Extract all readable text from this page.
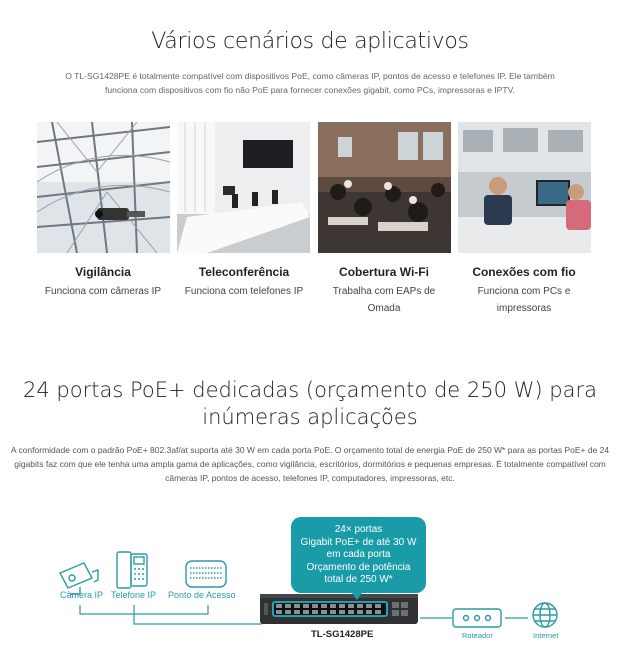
Vários cenários de aplicativos
O TL-SG1428PE é totalmente compatível com dispositivos PoE, como câmeras IP, pontos de acesso e telefones IP. Ele também
funciona com dispositivos com fio não PoE para fornecer conexões gigabit, como PCs, impressoras e IPTV.
Vigilância
Funciona com câmeras IP
Teleconferência
Funciona com telefones IP
Cobertura Wi-Fi
Trabalha com EAPs de
Omada
Conexões com fio
Funciona com PCs e
impressoras
24 portas PoE+ dedicadas (orçamento de 250 W) para
inúmeras aplicações
A conformidade com o padrão PoE+ 802.3af/at suporta até 30 W em cada porta PoE. O orçamento total de energia PoE de 250 W* para as portas PoE+ de 24
gigabits faz com que ele tenha uma ampla gama de aplicações, como vigilância, escritórios, dormitórios e pequenas empresas. É totalmente compatível com
câmeras IP, pontos de acesso, telefones IP, computadores, impressoras, etc.
24× portas
Gigabit PoE+ de até 30 W
em cada porta
Orçamento de potência
total de 250 W*
Câmera IP Telefone IP Ponto de Acesso
TL-SG1428PE	Roteador	Internet
